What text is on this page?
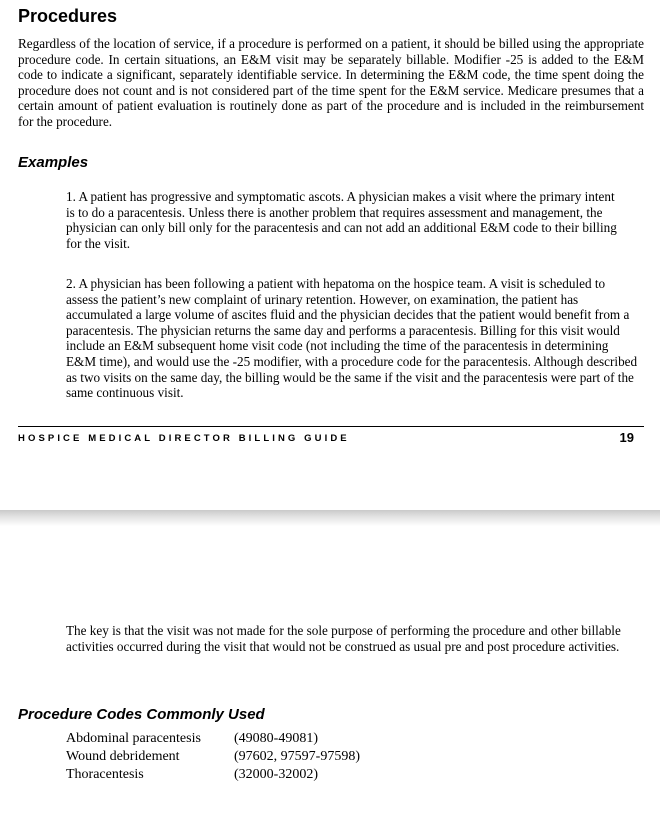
Procedures
Regardless of the location of service, if a procedure is performed on a patient, it should be billed using the appropriate procedure code. In certain situations, an E&M visit may be separately billable. Modifier -25 is added to the E&M code to indicate a significant, separately identifiable service. In determining the E&M code, the time spent doing the procedure does not count and is not considered part of the time spent for the E&M service. Medicare presumes that a certain amount of patient evaluation is routinely done as part of the procedure and is included in the reimbursement for the procedure.
Examples
1. A patient has progressive and symptomatic ascots. A physician makes a visit where the primary intent is to do a paracentesis. Unless there is another problem that requires assessment and management, the physician can only bill only for the paracentesis and can not add an additional E&M code to their billing for the visit.
2. A physician has been following a patient with hepatoma on the hospice team. A visit is scheduled to assess the patient’s new complaint of urinary retention. However, on examination, the patient has accumulated a large volume of ascites fluid and the physician decides that the patient would benefit from a paracentesis. The physician returns the same day and performs a paracentesis. Billing for this visit would include an E&M subsequent home visit code (not including the time of the paracentesis in determining E&M time), and would use the -25 modifier, with a procedure code for the paracentesis. Although described as two visits on the same day, the billing would be the same if the visit and the paracentesis were part of the same continuous visit.
HOSPICE MEDICAL DIRECTOR BILLING GUIDE	19
The key is that the visit was not made for the sole purpose of performing the procedure and other billable activities occurred during the visit that would not be construed as usual pre and post procedure activities.
Procedure Codes Commonly Used
Abdominal paracentesis (49080-49081)
Wound debridement	(97602, 97597-97598)
Thoracentesis	(32000-32002)
